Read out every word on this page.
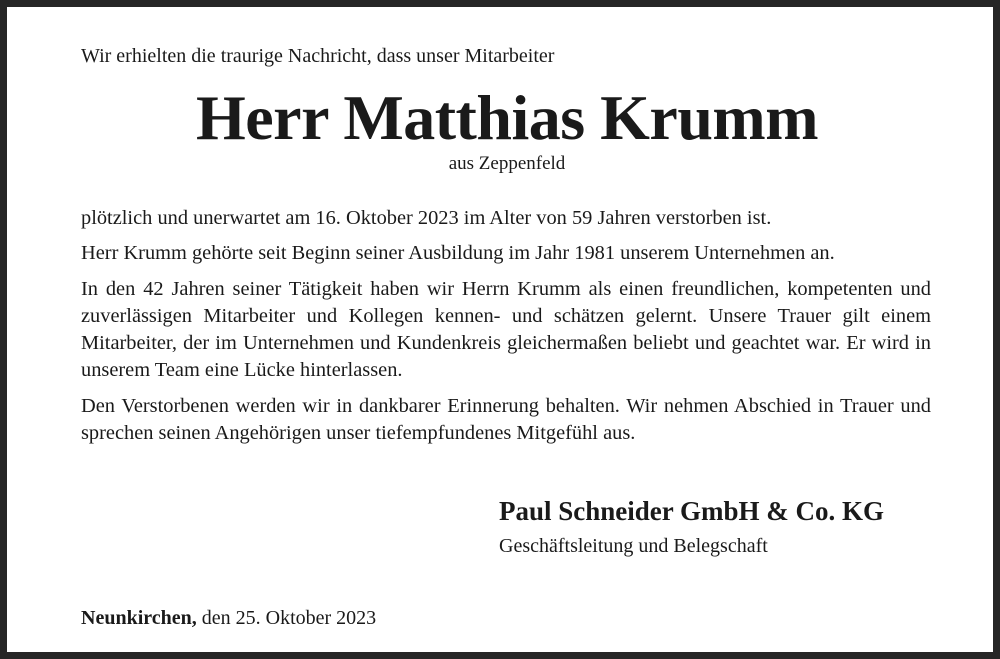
Wir erhielten die traurige Nachricht, dass unser Mitarbeiter
Herr Matthias Krumm
aus Zeppenfeld

plötzlich und unerwartet am 16. Oktober 2023 im Alter von 59 Jahren verstorben ist.

Herr Krumm gehörte seit Beginn seiner Ausbildung im Jahr 1981 unserem Unternehmen an.

In den 42 Jahren seiner Tätigkeit haben wir Herrn Krumm als einen freundlichen, kompetenten und zuverlässigen Mitarbeiter und Kollegen kennen- und schätzen gelernt. Unsere Trauer gilt einem Mitarbeiter, der im Unternehmen und Kundenkreis gleichermaßen beliebt und geachtet war. Er wird in unserem Team eine Lücke hinterlassen.

Den Verstorbenen werden wir in dankbarer Erinnerung behalten. Wir nehmen Abschied in Trauer und sprechen seinen Angehörigen unser tiefempfundenes Mitgefühl aus.

Paul Schneider GmbH & Co. KG
Geschäftsleitung und Belegschaft
Neunkirchen, den 25. Oktober 2023
